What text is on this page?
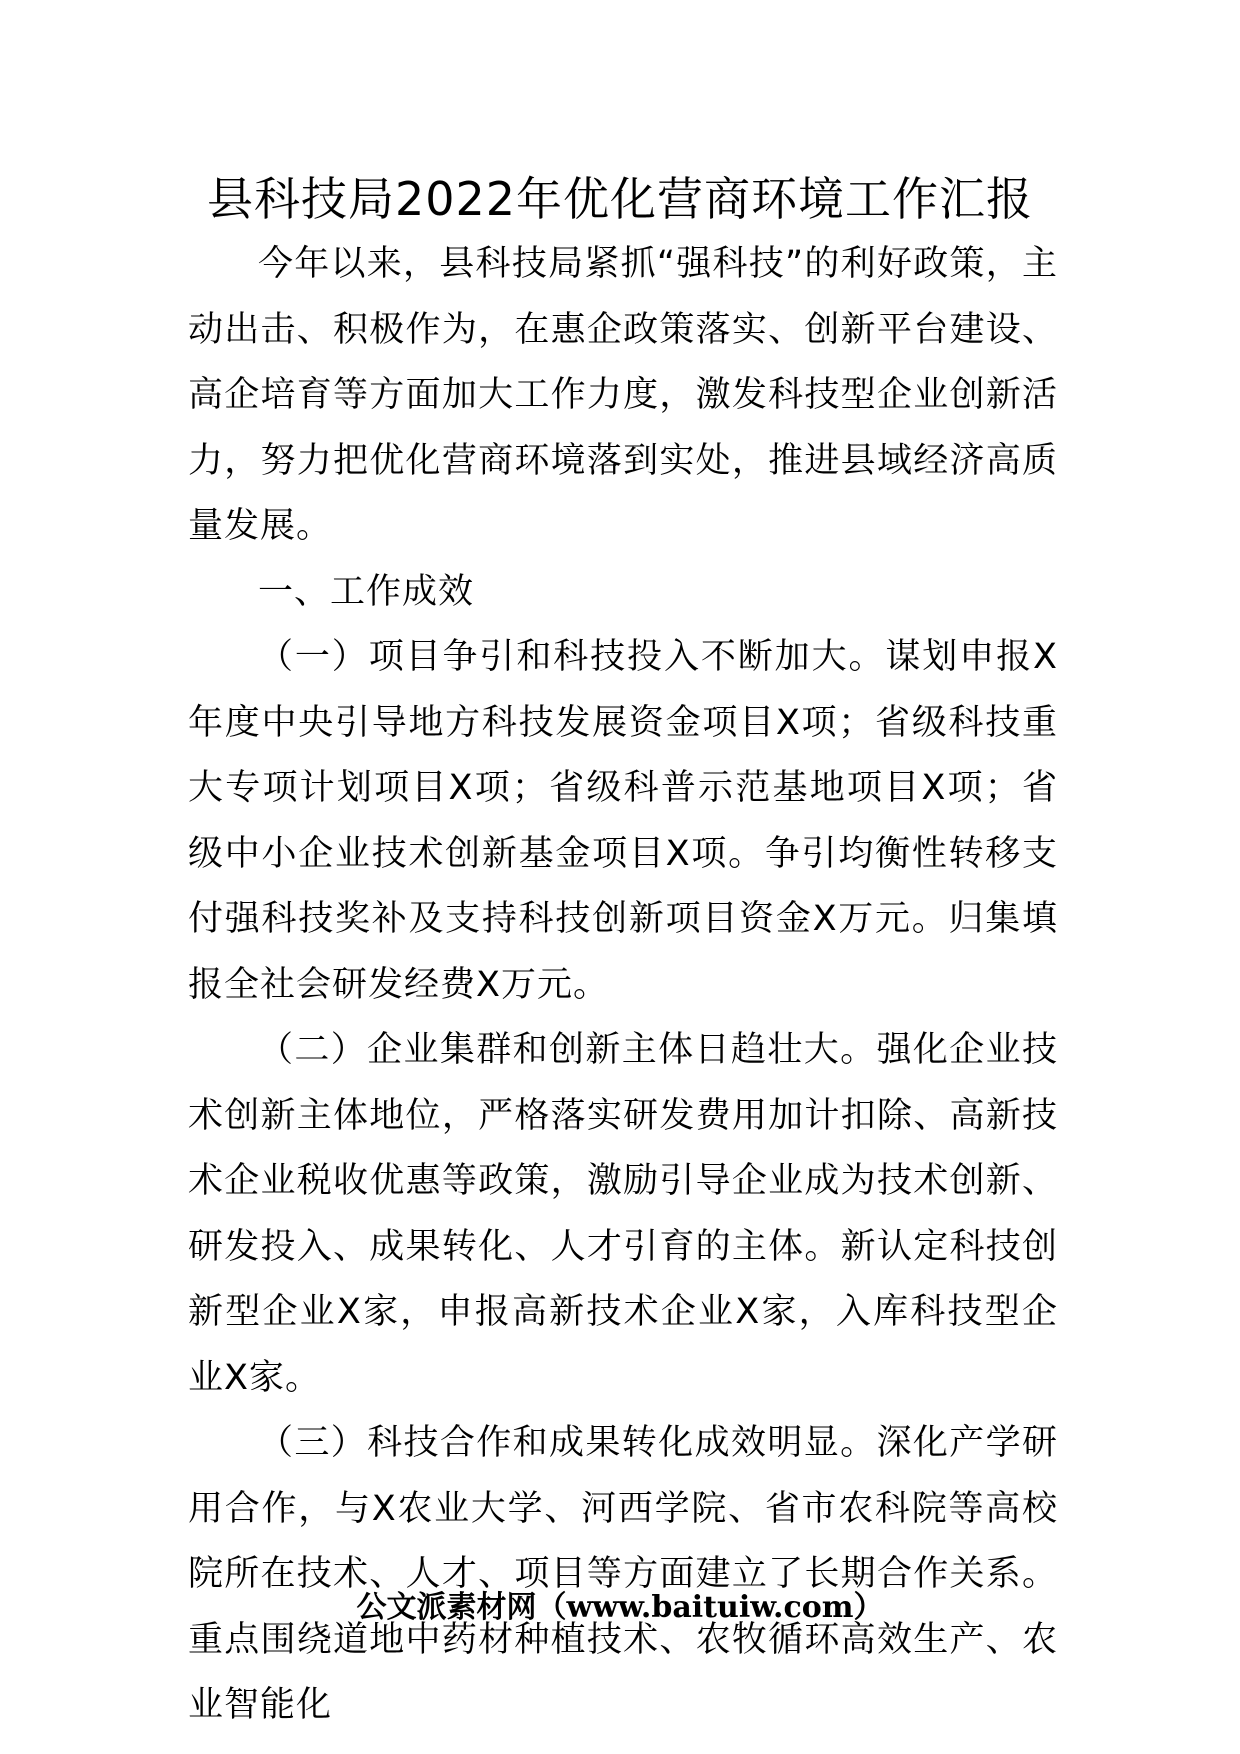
县科技局2022年优化营商环境工作汇报

今年以来，县科技局紧抓“强科技”的利好政策，主动出击、积极作为，在惠企政策落实、创新平台建设、高企培育等方面加大工作力度，激发科技型企业创新活力，努力把优化营商环境落到实处，推进县域经济高质量发展。

一、工作成效

（一）项目争引和科技投入不断加大。谋划申报X年度中央引导地方科技发展资金项目X项；省级科技重大专项计划项目X项；省级科普示范基地项目X项；省级中小企业技术创新基金项目X项。争引均衡性转移支付强科技奖补及支持科技创新项目资金X万元。归集填报全社会研发经费X万元。

（二）企业集群和创新主体日趋壮大。强化企业技术创新主体地位，严格落实研发费用加计扣除、高新技术企业税收优惠等政策，激励引导企业成为技术创新、研发投入、成果转化、人才引育的主体。新认定科技创新型企业X家，申报高新技术企业X家，入库科技型企业X家。

（三）科技合作和成果转化成效明显。深化产学研用合作，与X农业大学、河西学院、省市农科院等高校院所在技术、人才、项目等方面建立了长期合作关系。重点围绕道地中药材种植技术、农牧循环高效生产、农业智能化

公文派素材网（www.baituiw.com）
